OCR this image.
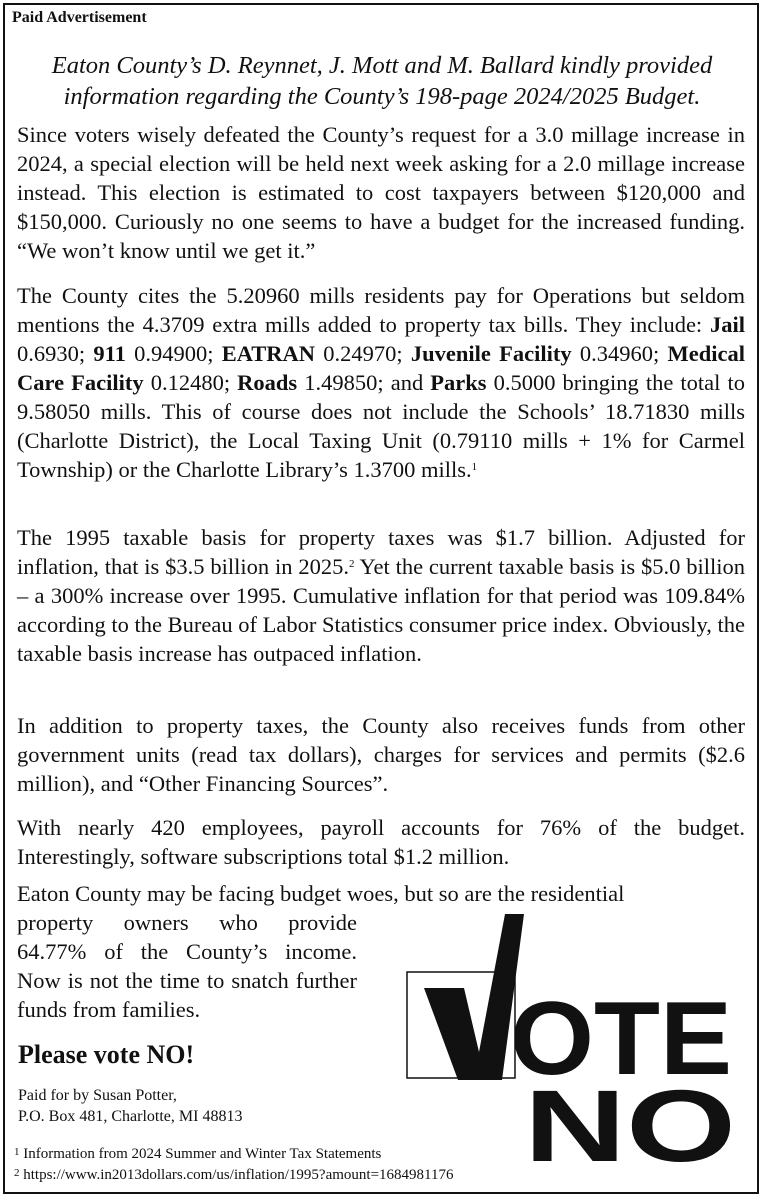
Paid Advertisement
Eaton County’s D. Reynnet, J. Mott and M. Ballard kindly provided
information regarding the County’s 198-page 2024/2025 Budget.

Since voters wisely defeated the County’s request for a 3.0 millage increase in 2024, a special election will be held next week asking for a 2.0 millage increase instead. This election is estimated to cost taxpayers between $120,000 and $150,000. Curiously no one seems to have a budget for the increased funding. “We won’t know until we get it.”

The County cites the 5.20960 mills residents pay for Operations but seldom mentions the 4.3709 extra mills added to property tax bills. They include: Jail 0.6930; 911 0.94900; EATRAN 0.24970; Juvenile Facility 0.34960; Medical Care Facility 0.12480; Roads 1.49850; and Parks 0.5000 bringing the total to 9.58050 mills. This of course does not include the Schools’ 18.71830 mills (Charlotte District), the Local Taxing Unit (0.79110 mills + 1% for Carmel Township) or the Charlotte Library’s 1.3700 mills.$^1$

The 1995 taxable basis for property taxes was $1.7 billion. Adjusted for inflation, that is $3.5 billion in 2025.$^2$ Yet the current taxable basis is $5.0 billion – a 300% increase over 1995. Cumulative inflation for that period was 109.84% according to the Bureau of Labor Statistics consumer price index. Obviously, the taxable basis increase has outpaced inflation.

In addition to property taxes, the County also receives funds from other government units (read tax dollars), charges for services and permits ($2.6 million), and “Other Financing Sources”.

With nearly 420 employees, payroll accounts for 76% of the budget. Interestingly, software subscriptions total $1.2 million.

Eaton County may be facing budget woes, but so are the residential

property owners who provide 64.77% of the County’s income. Now is not the time to snatch further funds from families.

Please vote NO!
Paid for by Susan Potter,
P.O. Box 481, Charlotte, MI 48813
$^1$ Information from 2024 Summer and Winter Tax Statements
$^2$ https://www.in2013dollars.com/us/inflation/1995?amount=1684981176
OTE
NO
